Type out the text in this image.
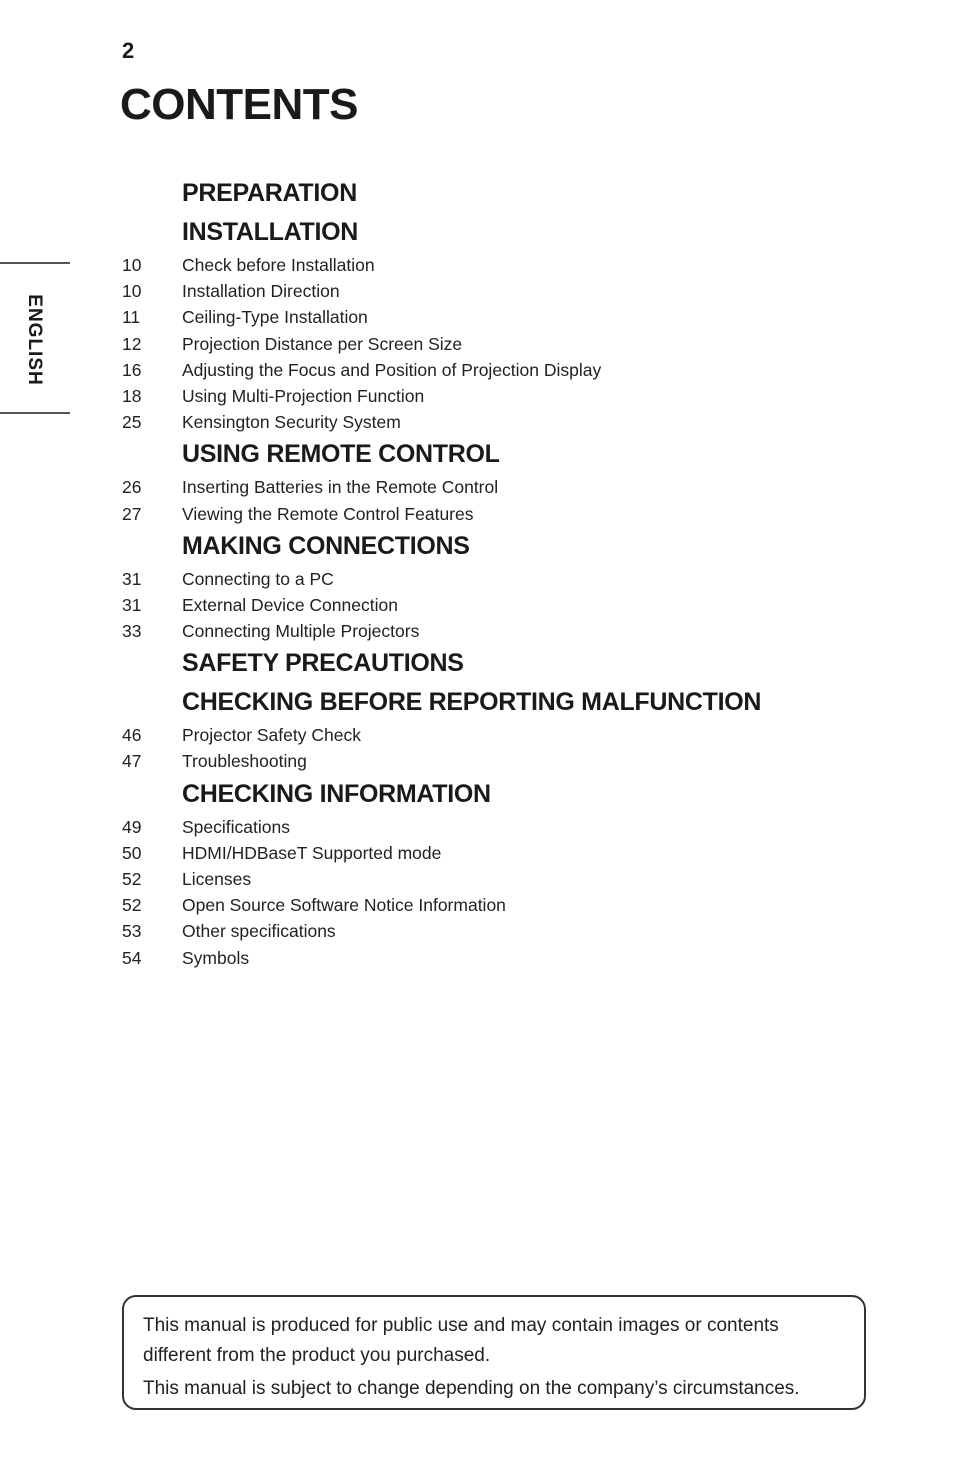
2
CONTENTS
ENGLISH
PREPARATION
INSTALLATION
10	Check before Installation
10	Installation Direction
11	Ceiling-Type Installation
12	Projection Distance per Screen Size
16	Adjusting the Focus and Position of Projection Display
18	Using Multi-Projection Function
25	Kensington Security System
USING REMOTE CONTROL
26	Inserting Batteries in the Remote Control
27	Viewing the Remote Control Features
MAKING CONNECTIONS
31	Connecting to a PC
31	External Device Connection
33	Connecting Multiple Projectors
SAFETY PRECAUTIONS
CHECKING BEFORE REPORTING MALFUNCTION
46	Projector Safety Check
47	Troubleshooting
CHECKING INFORMATION
49	Specifications
50	HDMI/HDBaseT Supported mode
52	Licenses
52	Open Source Software Notice Information
53	Other specifications
54	Symbols

This manual is produced for public use and may contain images or contents different from the product you purchased.

This manual is subject to change depending on the company’s circumstances.
